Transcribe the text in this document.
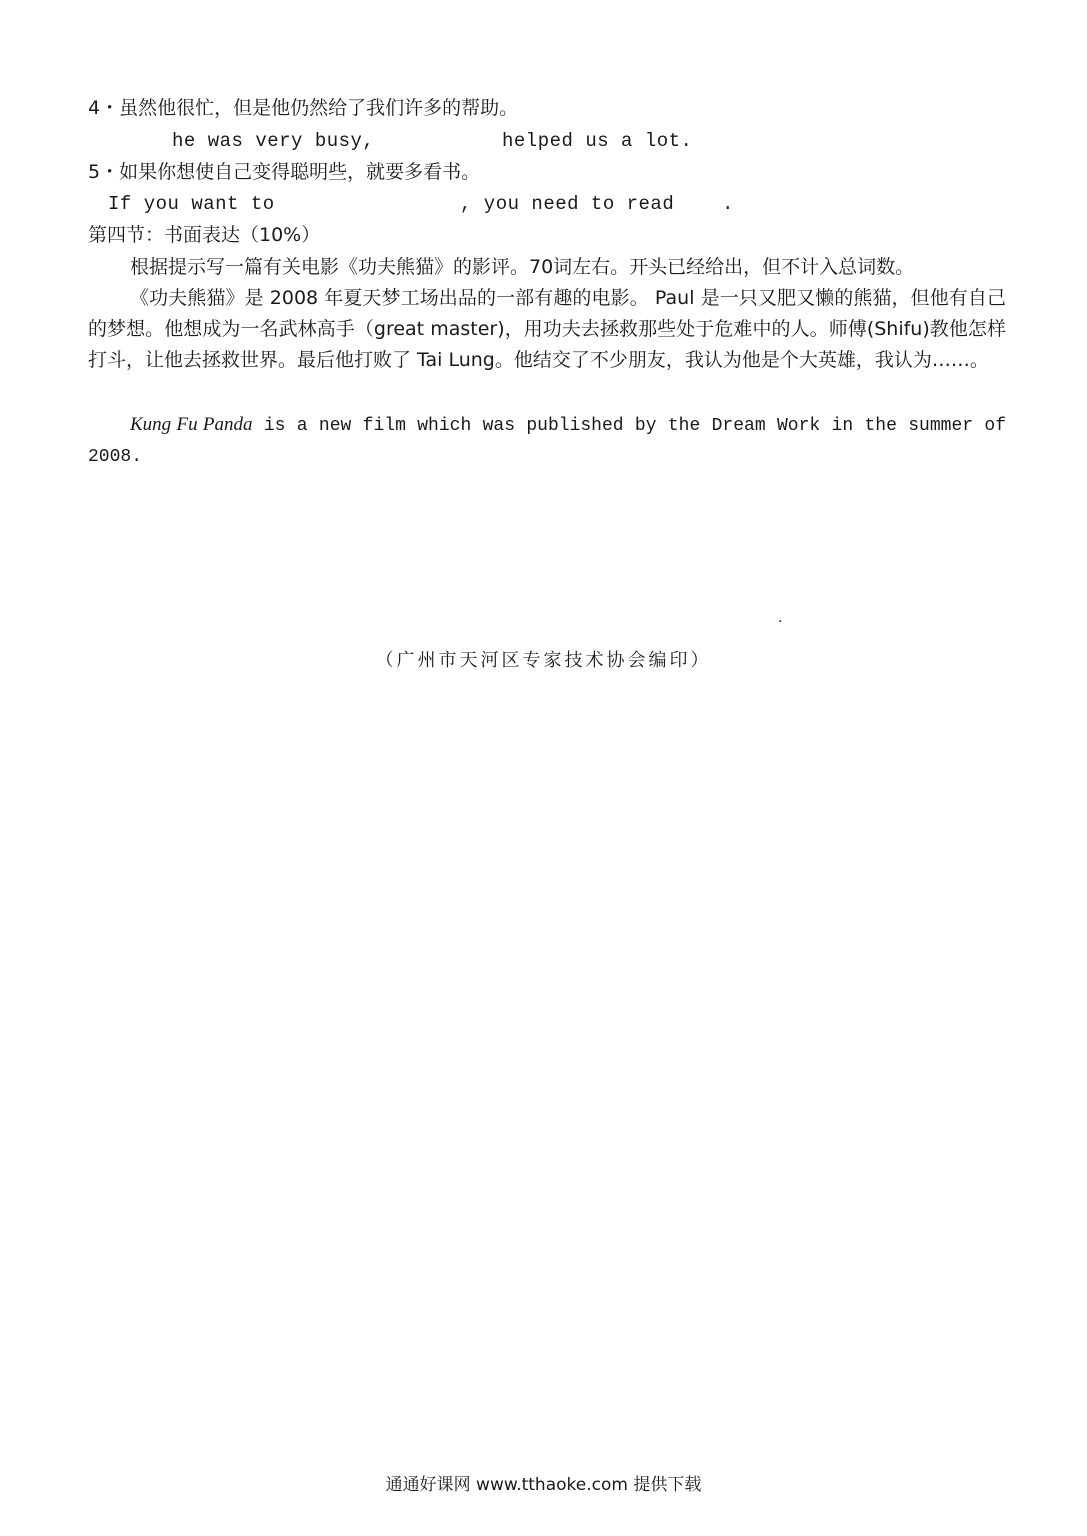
4・虽然他很忙，但是他仍然给了我们许多的帮助。
he was very busy,	helped us a lot.
5・如果你想使自己变得聪明些，就要多看书。
If you want to	, you need to read	.
第四节：书面表达（10%）
根据提示写一篇有关电影《功夫熊猫》的影评。70词左右。开头已经给出，但不计入总词数。
《功夫熊猫》是 2008 年夏天梦工场出品的一部有趣的电影。 Paul 是一只又肥又懒的熊猫，但他有自己的梦想。他想成为一名武林高手（great master)，用功夫去拯救那些处于危难中的人。师傅(Shifu)教他怎样打斗，让他去拯救世界。最后他打败了 Tai Lung。他结交了不少朋友，我认为他是个大英雄，我认为……。
Kung Fu Panda is a new film which was published by the Dream Work in the summer of 2008.
.
（广州市天河区专家技术协会编印）
通通好课网 www.tthaoke.com 提供下载
